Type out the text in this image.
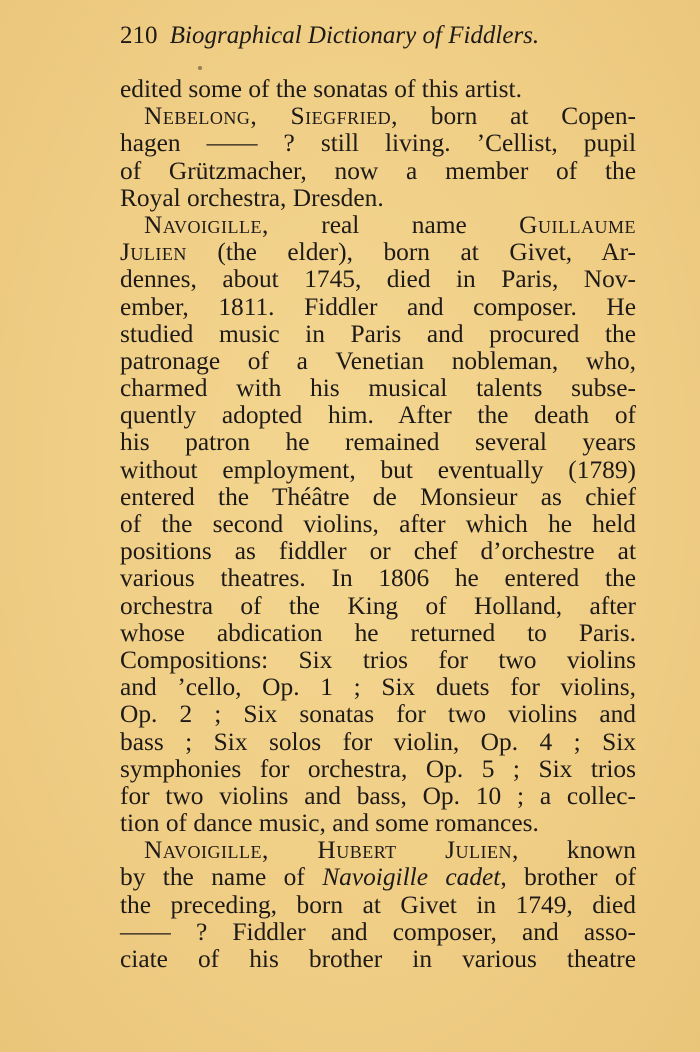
210 Biographical Dictionary of Fiddlers.
edited some of the sonatas of this artist.
Nebelong, Siegfried, born at Copen-
hagen —— ? still living. ’Cellist, pupil
of Grützmacher, now a member of the
Royal orchestra, Dresden.
Navoigille, real name Guillaume
Julien (the elder), born at Givet, Ar-
dennes, about 1745, died in Paris, Nov-
ember, 1811. Fiddler and composer. He
studied music in Paris and procured the
patronage of a Venetian nobleman, who,
charmed with his musical talents subse-
quently adopted him. After the death of
his patron he remained several years
without employment, but eventually (1789)
entered the Théâtre de Monsieur as chief
of the second violins, after which he held
positions as fiddler or chef d’orchestre at
various theatres. In 1806 he entered the
orchestra of the King of Holland, after
whose abdication he returned to Paris.
Compositions: Six trios for two violins
and ’cello, Op. 1 ; Six duets for violins,
Op. 2 ; Six sonatas for two violins and
bass ; Six solos for violin, Op. 4 ; Six
symphonies for orchestra, Op. 5 ; Six trios
for two violins and bass, Op. 10 ; a collec-
tion of dance music, and some romances.
Navoigille, Hubert Julien, known
by the name of Navoigille cadet, brother of
the preceding, born at Givet in 1749, died
—— ? Fiddler and composer, and asso-
ciate of his brother in various theatre
